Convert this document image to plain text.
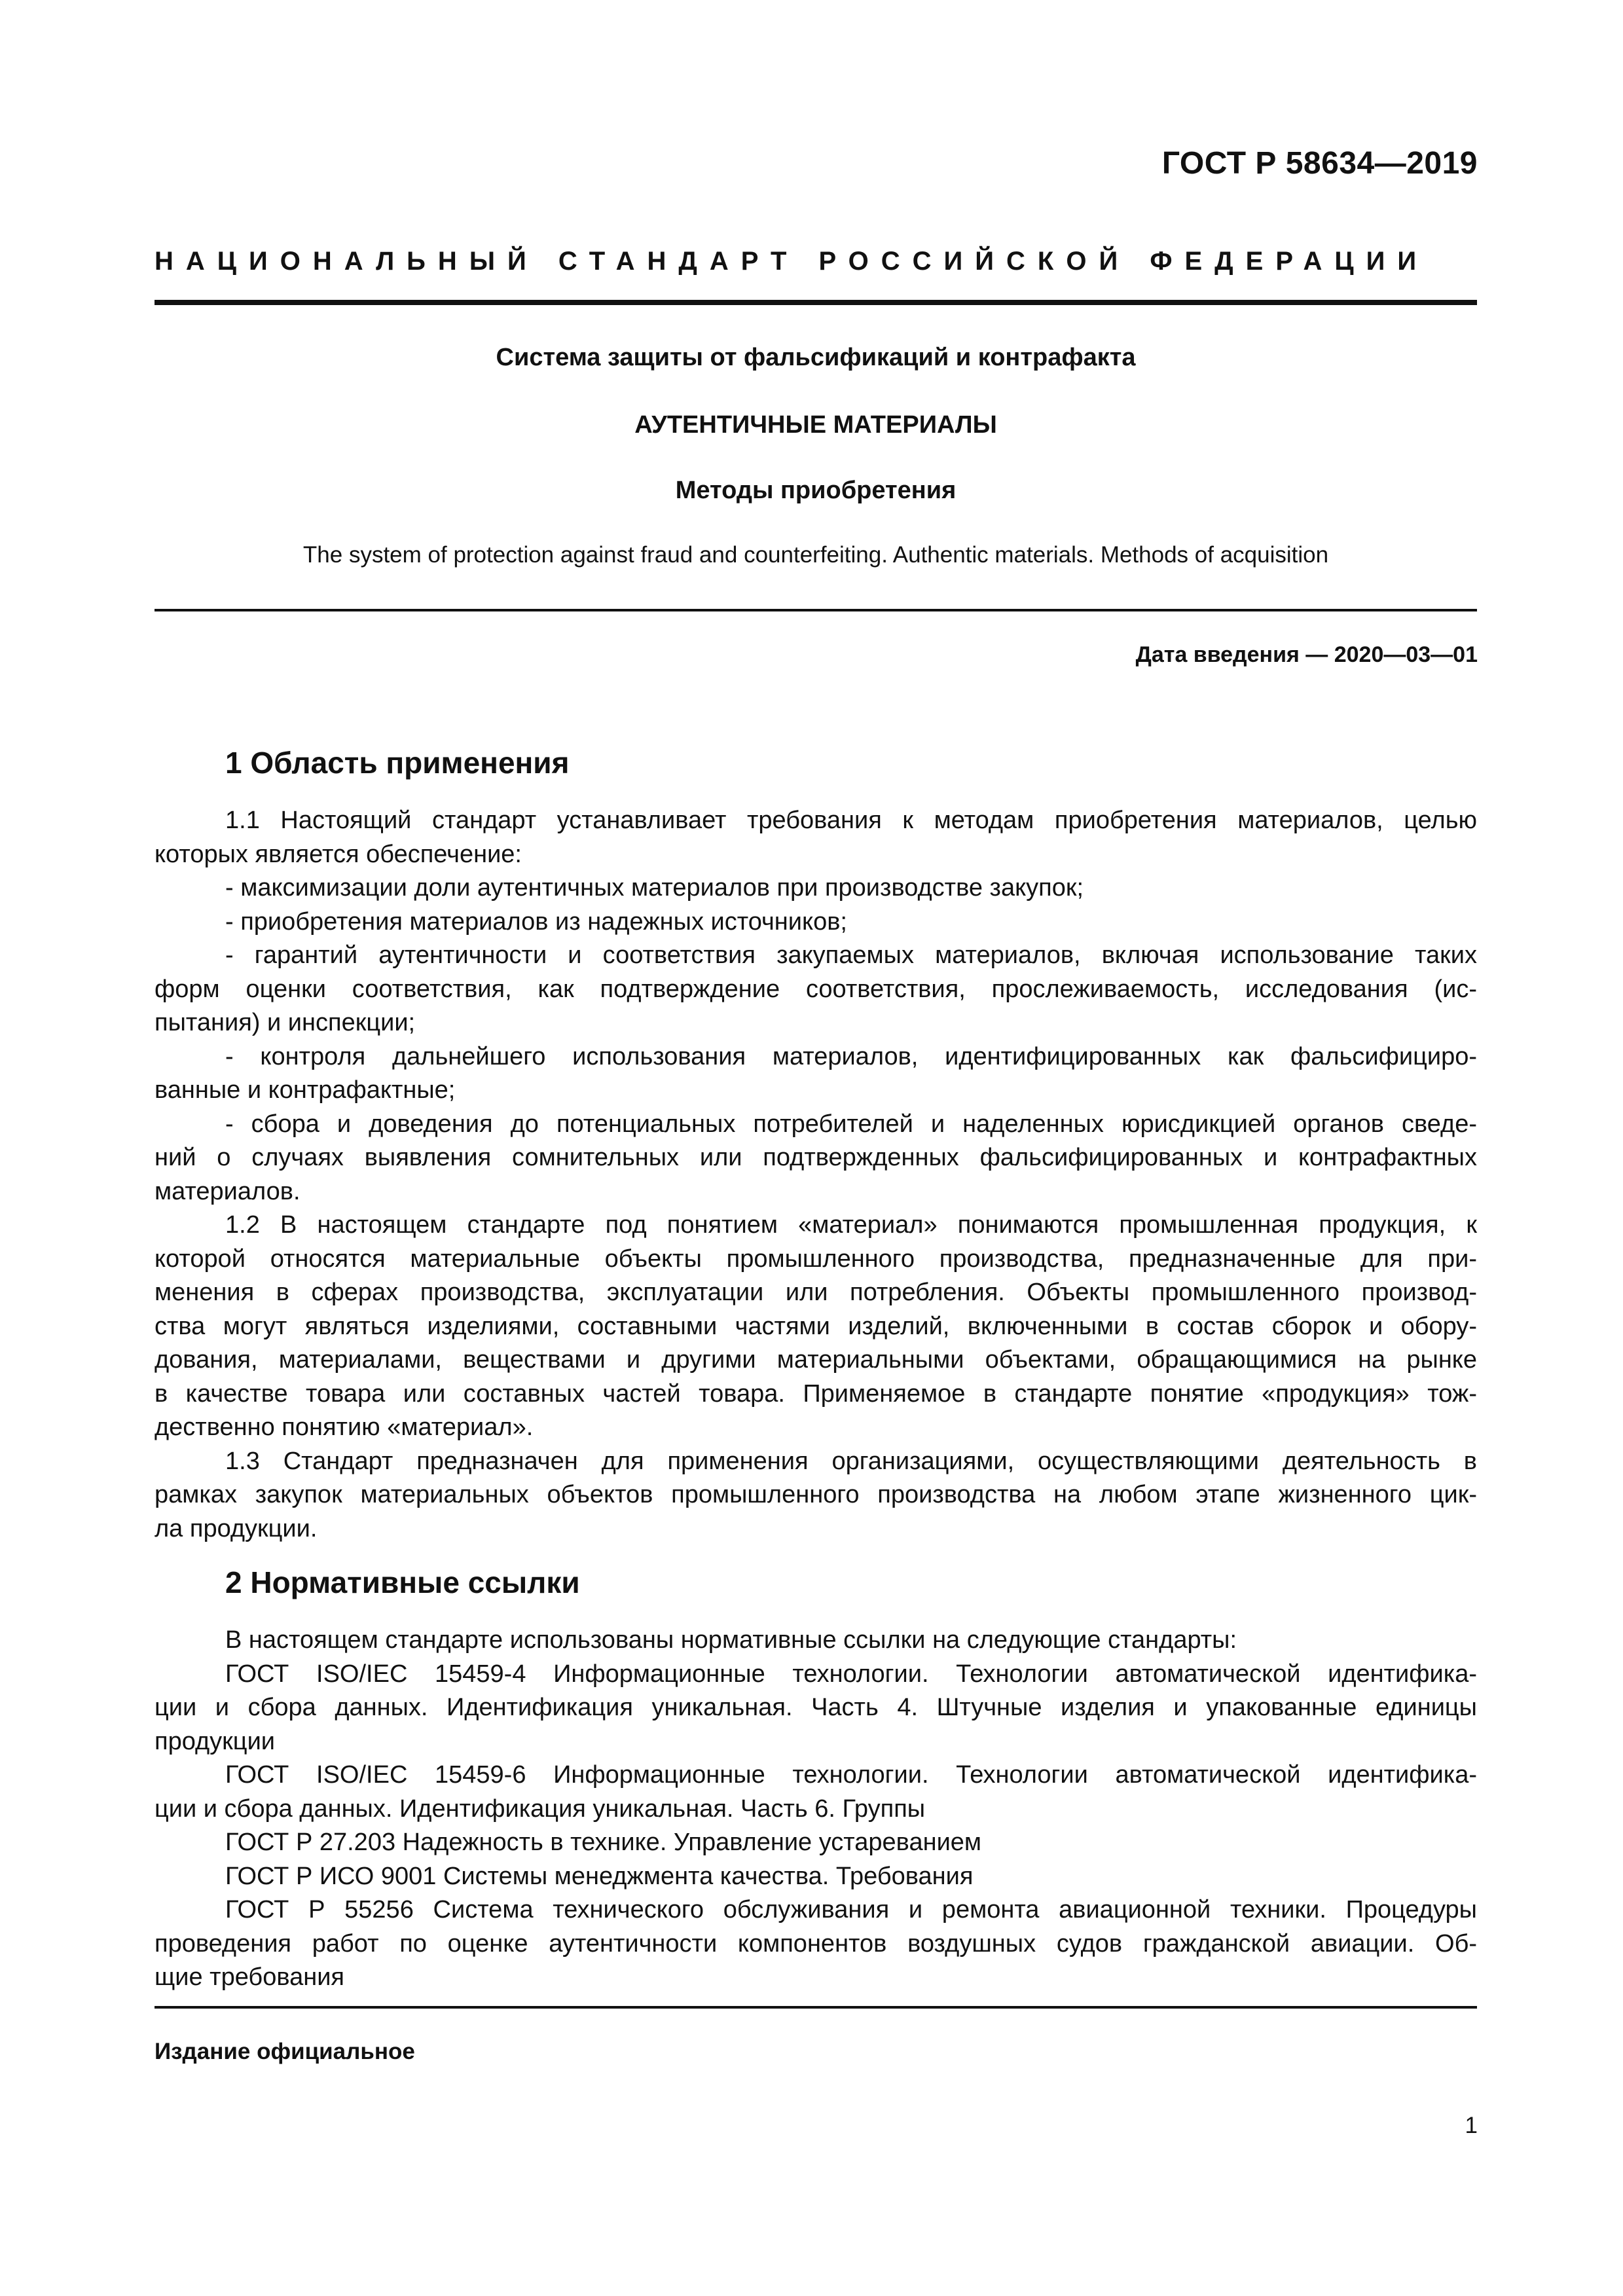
ГОСТ Р 58634—2019
НАЦИОНАЛЬНЫЙ СТАНДАРТ РОССИЙСКОЙ ФЕДЕРАЦИИ
Система защиты от фальсификаций и контрафакта
АУТЕНТИЧНЫЕ МАТЕРИАЛЫ
Методы приобретения
The system of protection against fraud and counterfeiting. Authentic materials. Methods of acquisition
Дата введения — 2020—03—01
1 Область применения
1.1 Настоящий стандарт устанавливает требования к методам приобретения материалов, целью
которых является обеспечение:
- максимизации доли аутентичных материалов при производстве закупок;
- приобретения материалов из надежных источников;
- гарантий аутентичности и соответствия закупаемых материалов, включая использование таких
форм оценки соответствия, как подтверждение соответствия, прослеживаемость, исследования (ис-
пытания) и инспекции;
- контроля дальнейшего использования материалов, идентифицированных как фальсифициро-
ванные и контрафактные;
- сбора и доведения до потенциальных потребителей и наделенных юрисдикцией органов сведе-
ний о случаях выявления сомнительных или подтвержденных фальсифицированных и контрафактных
материалов.
1.2 В настоящем стандарте под понятием «материал» понимаются промышленная продукция, к
которой относятся материальные объекты промышленного производства, предназначенные для при-
менения в сферах производства, эксплуатации или потребления. Объекты промышленного производ-
ства могут являться изделиями, составными частями изделий, включенными в состав сборок и обору-
дования, материалами, веществами и другими материальными объектами, обращающимися на рынке
в качестве товара или составных частей товара. Применяемое в стандарте понятие «продукция» тож-
дественно понятию «материал».
1.3 Стандарт предназначен для применения организациями, осуществляющими деятельность в
рамках закупок материальных объектов промышленного производства на любом этапе жизненного цик-
ла продукции.
2 Нормативные ссылки
В настоящем стандарте использованы нормативные ссылки на следующие стандарты:
ГОСТ ISO/IEC 15459-4 Информационные технологии. Технологии автоматической идентифика-
ции и сбора данных. Идентификация уникальная. Часть 4. Штучные изделия и упакованные единицы
продукции
ГОСТ ISO/IEC 15459-6 Информационные технологии. Технологии автоматической идентифика-
ции и сбора данных. Идентификация уникальная. Часть 6. Группы
ГОСТ Р 27.203 Надежность в технике. Управление устареванием
ГОСТ Р ИСО 9001 Системы менеджмента качества. Требования
ГОСТ Р 55256 Система технического обслуживания и ремонта авиационной техники. Процедуры
проведения работ по оценке аутентичности компонентов воздушных судов гражданской авиации. Об-
щие требования
Издание официальное
1
